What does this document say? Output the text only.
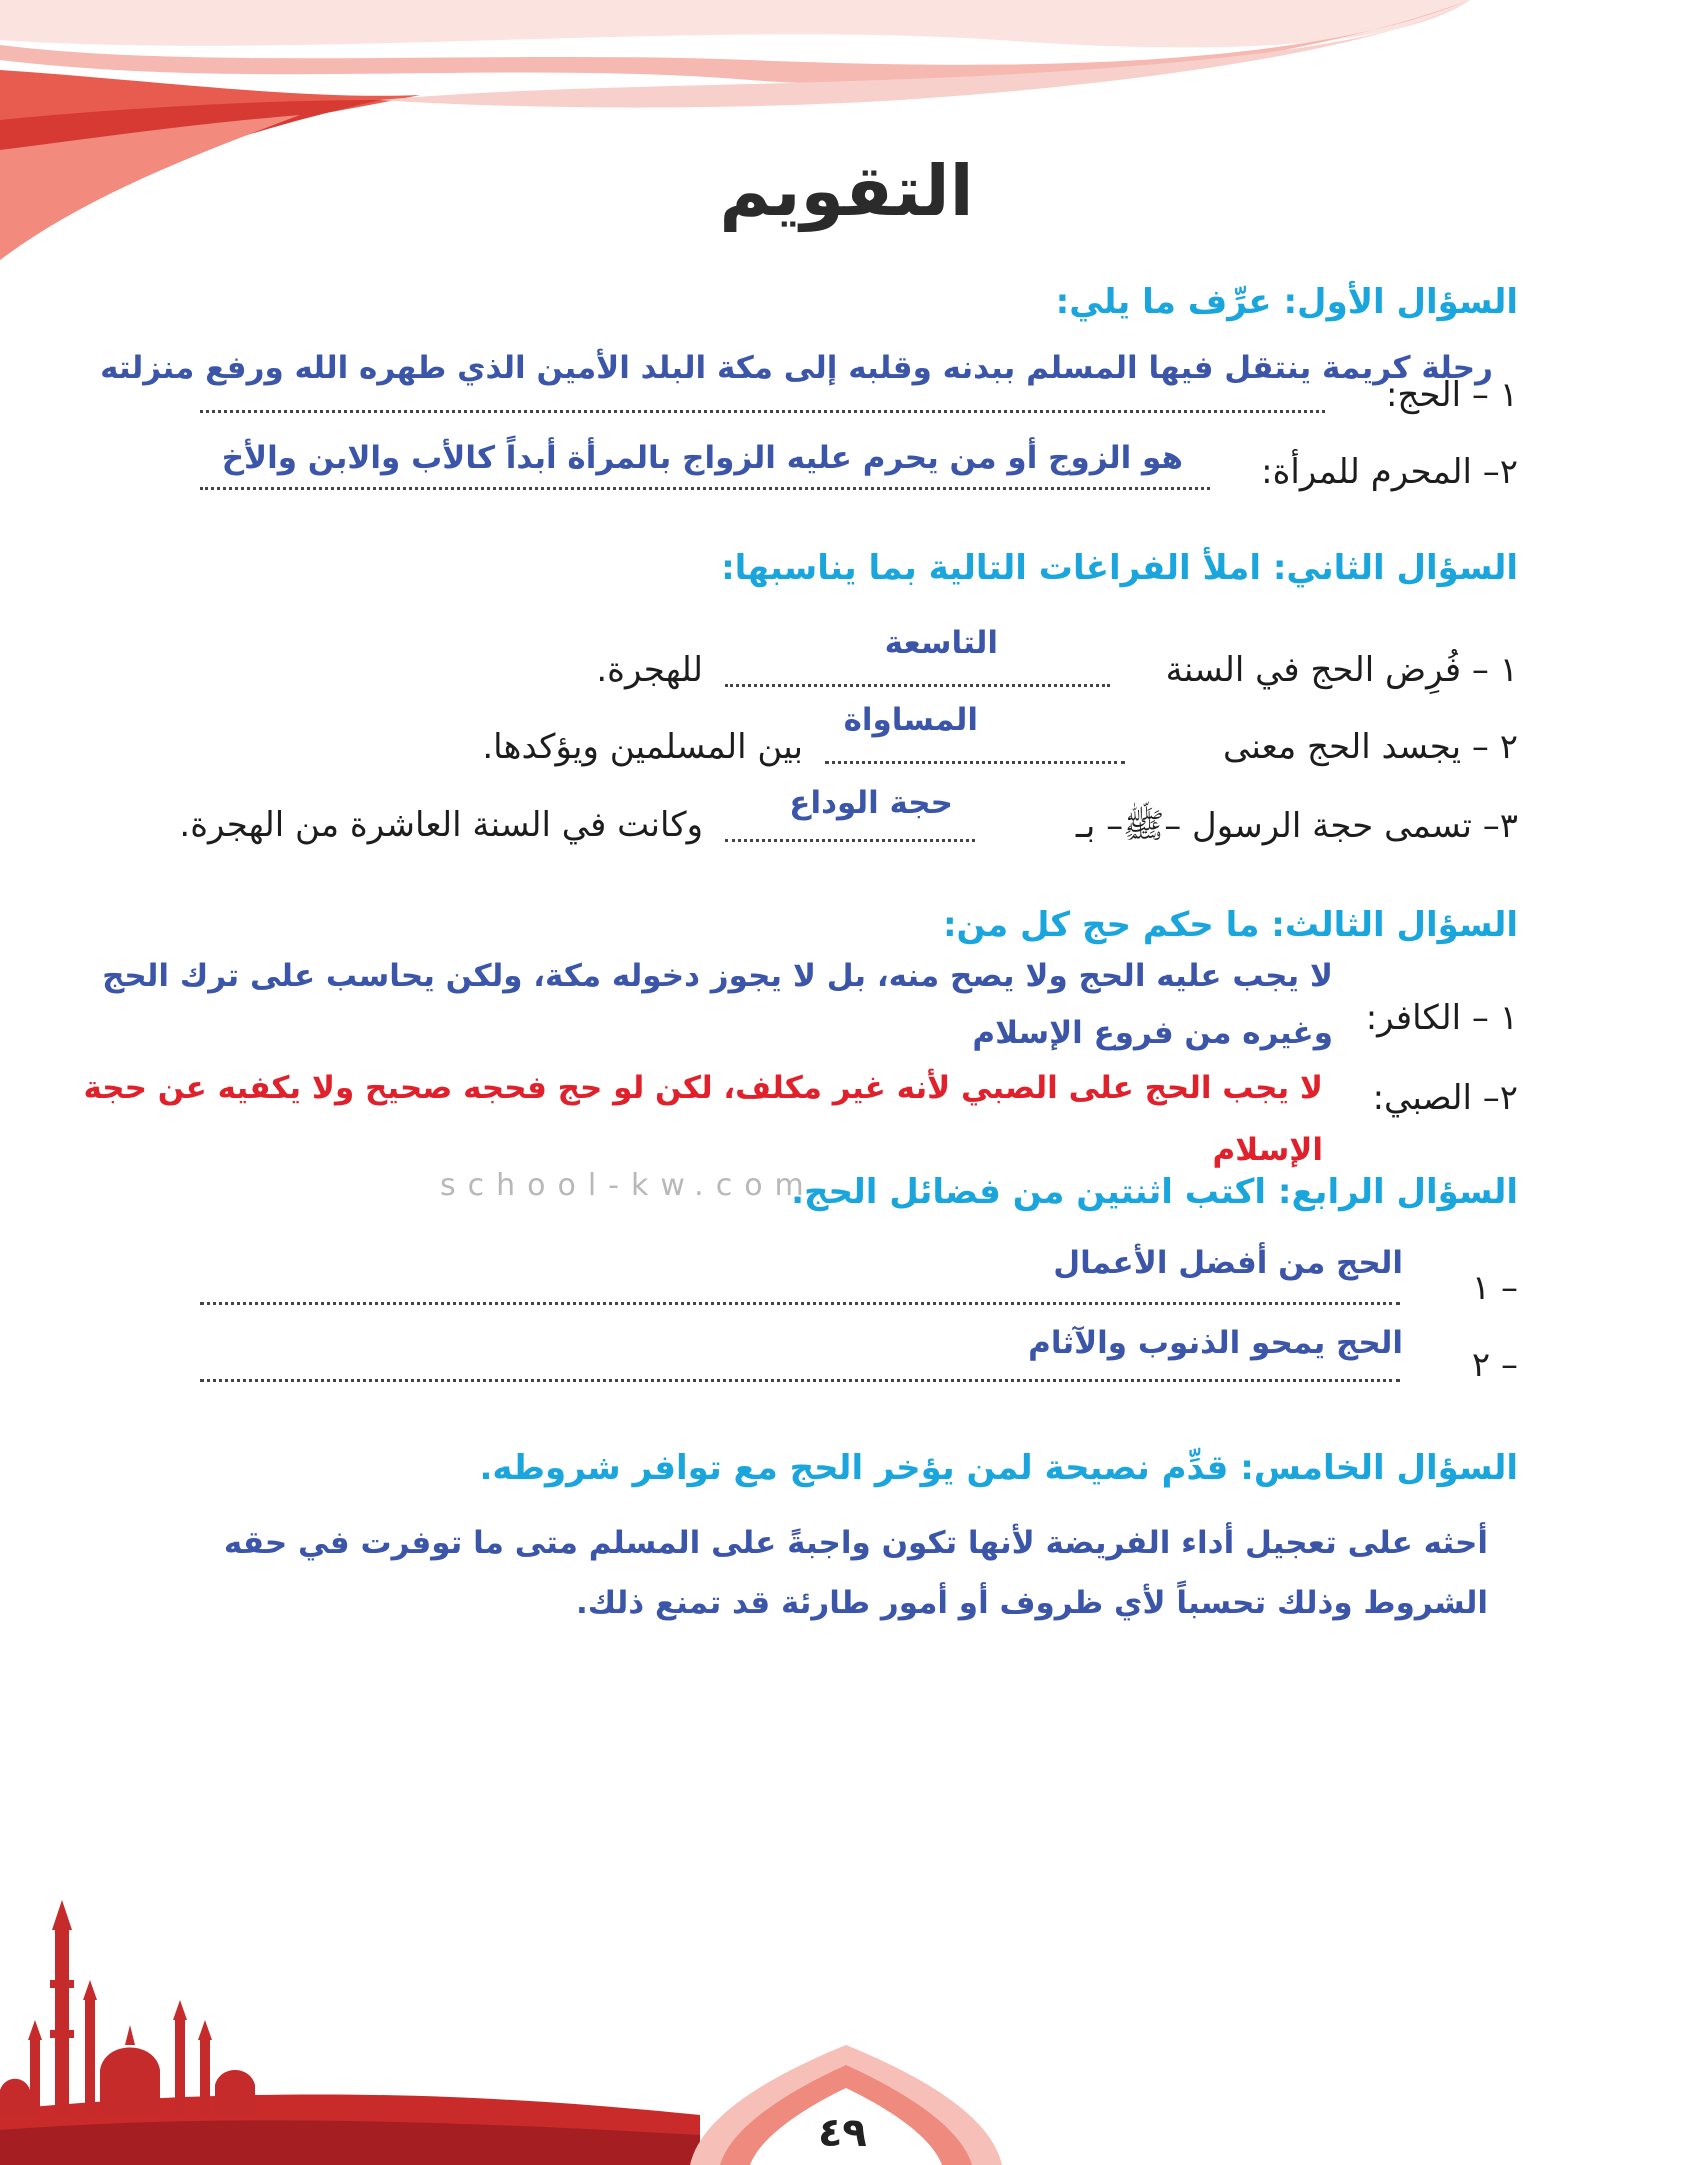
التقويم
السؤال الأول: عرِّف ما يلي:
١ – الحج:
رحلة كريمة ينتقل فيها المسلم ببدنه وقلبه إلى مكة البلد الأمين الذي طهره الله ورفع منزلته
٢– المحرم للمرأة:
هو الزوج أو من يحرم عليه الزواج بالمرأة أبداً كالأب والابن والأخ
السؤال الثاني: املأ الفراغات التالية بما يناسبها:
١ – فُرِض الحج في السنة
للهجرة.
التاسعة
٢ – يجسد الحج معنى
بين المسلمين ويؤكدها.
المساواة
٣– تسمى حجة الرسول –ﷺ– بـ
وكانت في السنة العاشرة من الهجرة.
حجة الوداع
السؤال الثالث: ما حكم حج كل من:
١ – الكافر:
لا يجب عليه الحج ولا يصح منه، بل لا يجوز دخوله مكة، ولكن يحاسب على ترك الحج
وغيره من فروع الإسلام
٢– الصبي:
لا يجب الحج على الصبي لأنه غير مكلف، لكن لو حج فحجه صحيح ولا يكفيه عن حجة
الإسلام
school-kw.com
السؤال الرابع: اكتب اثنتين من فضائل الحج.
١ –
الحج من أفضل الأعمال
٢ –
الحج يمحو الذنوب والآثام
السؤال الخامس: قدِّم نصيحة لمن يؤخر الحج مع توافر شروطه.
أحثه على تعجيل أداء الفريضة لأنها تكون واجبةً على المسلم متى ما توفرت في حقه
الشروط وذلك تحسباً لأي ظروف أو أمور طارئة قد تمنع ذلك.
٤٩
